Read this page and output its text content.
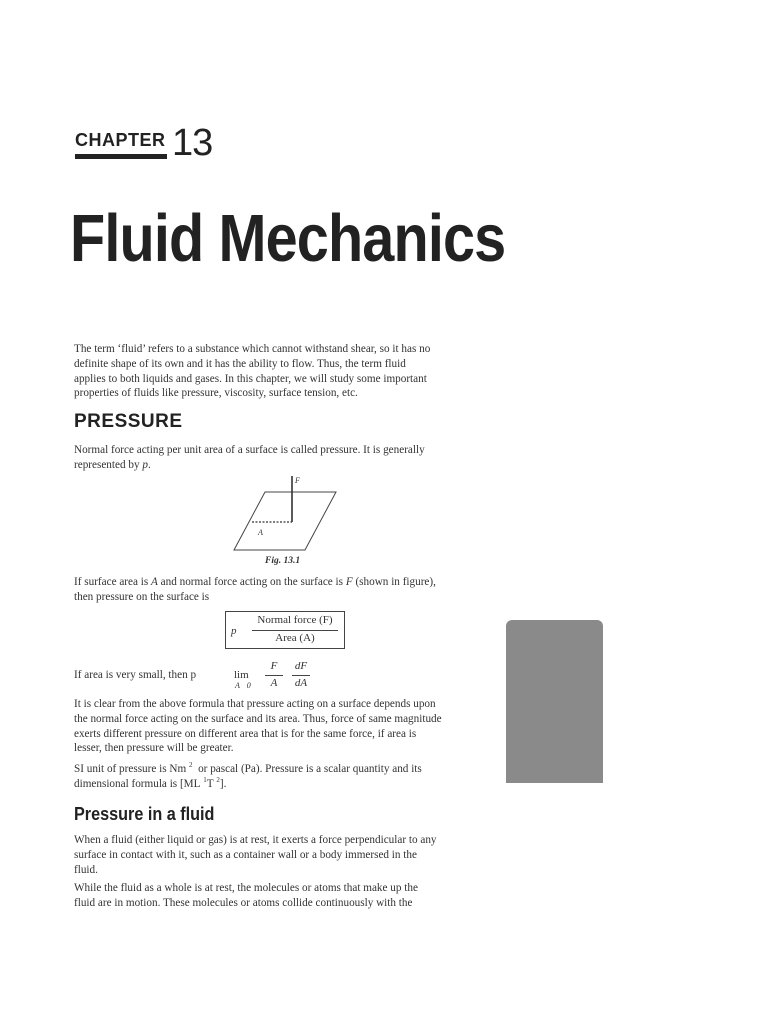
CHAPTER 13
Fluid Mechanics
The term ‘fluid’ refers to a substance which cannot withstand shear, so it has no
definite shape of its own and it has the ability to flow. Thus, the term fluid
applies to both liquids and gases. In this chapter, we will study some important
properties of fluids like pressure, viscosity, surface tension, etc.
PRESSURE
Normal force acting per unit area of a surface is called pressure. It is generally
represented by p.
F
A
Fig. 13.1
If surface area is A and normal force acting on the surface is F (shown in figure),
then pressure on the surface is
p
Normal force (F)
Area (A)
If area is very small, then p	lim
A 0
F
A
dF
dA
It is clear from the above formula that pressure acting on a surface depends upon
the normal force acting on the surface and its area. Thus, force of same magnitude
exerts different pressure on different area that is for the same force, if area is
lesser, then pressure will be greater.
SI unit of pressure is Nm $^2$  or pascal (Pa). Pressure is a scalar quantity and its
dimensional formula is [ML $^1$T $^2$].
Pressure in a fluid
When a fluid (either liquid or gas) is at rest, it exerts a force perpendicular to any
surface in contact with it, such as a container wall or a body immersed in the
fluid.
While the fluid as a whole is at rest, the molecules or atoms that make up the
fluid are in motion. These molecules or atoms collide continuously with the
